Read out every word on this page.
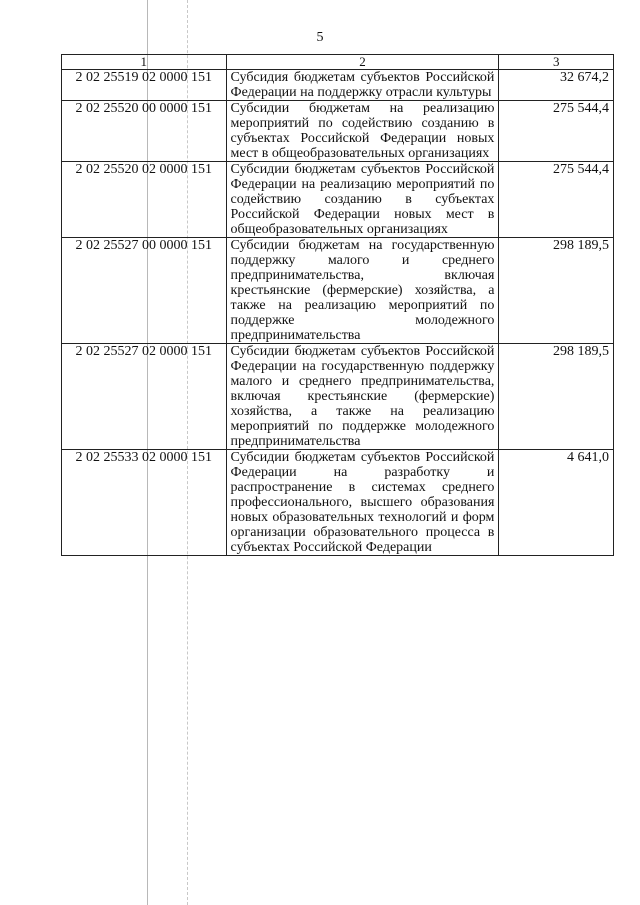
5
1	2	3
2 02 25519 02 0000 151	Субсидия бюджетам субъектов Российской Федерации на поддержку отрасли культуры	32 674,2
2 02 25520 00 0000 151	Субсидии бюджетам на реализацию мероприятий по содействию созданию в субъектах Российской Федерации новых мест в общеобразовательных организациях	275 544,4
2 02 25520 02 0000 151	Субсидии бюджетам субъектов Российской Федерации на реализацию мероприятий по содействию созданию в субъектах Российской Федерации новых мест в общеобразовательных организациях	275 544,4
2 02 25527 00 0000 151	Субсидии бюджетам на государственную поддержку малого и среднего предпринимательства, включая крестьянские (фермерские) хозяйства, а также на реализацию мероприятий по поддержке молодежного предпринимательства	298 189,5
2 02 25527 02 0000 151	Субсидии бюджетам субъектов Российской Федерации на государственную поддержку малого и среднего предпринимательства, включая крестьянские (фермерские) хозяйства, а также на реализацию мероприятий по поддержке молодежного предпринимательства	298 189,5
2 02 25533 02 0000 151	Субсидии бюджетам субъектов Российской Федерации на разработку и распространение в системах среднего профессионального, высшего образования новых образовательных технологий и форм организации образовательного процесса в субъектах Российской Федерации	4 641,0
